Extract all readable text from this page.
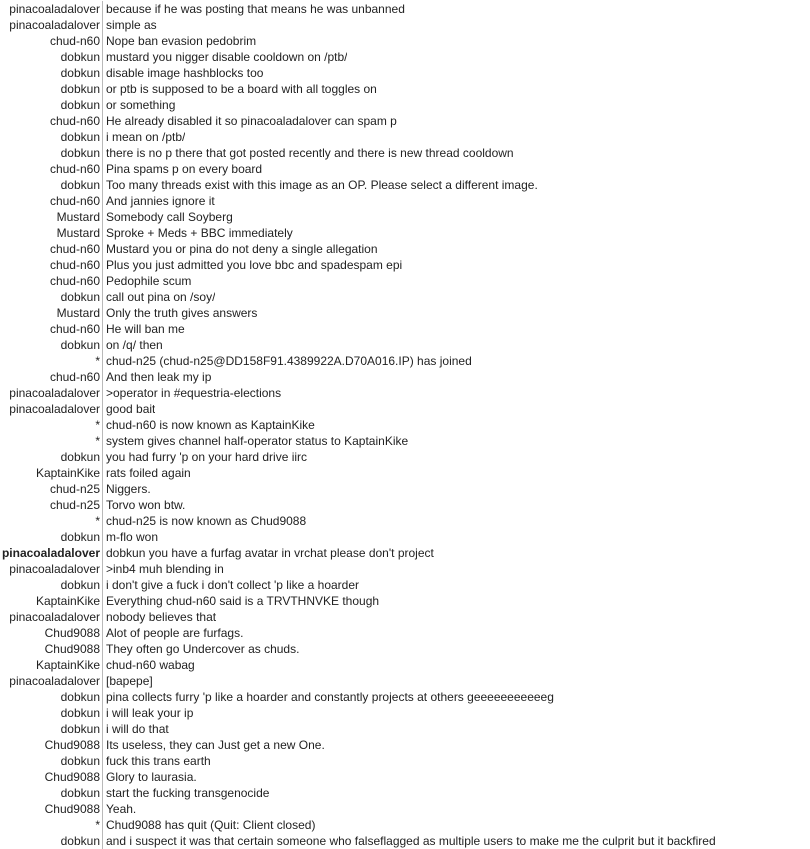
pinacoaladalover because if he was posting that means he was unbanned
pinacoaladalover simple as
chud-n60 Nope ban evasion pedobrim
dobkun mustard you nigger disable cooldown on /ptb/
dobkun disable image hashblocks too
dobkun or ptb is supposed to be a board with all toggles on
dobkun or something
chud-n60 He already disabled it so pinacoaladalover can spam p
dobkun i mean on /ptb/
dobkun there is no p there that got posted recently and there is new thread cooldown
chud-n60 Pina spams p on every board
dobkun Too many threads exist with this image as an OP. Please select a different image.
chud-n60 And jannies ignore it
Mustard Somebody call Soyberg
Mustard Sproke + Meds + BBC immediately
chud-n60 Mustard you or pina do not deny a single allegation
chud-n60 Plus you just admitted you love bbc and spadespam epi
chud-n60 Pedophile scum
dobkun call out pina on /soy/
Mustard Only the truth gives answers
chud-n60 He will ban me
dobkun on /q/ then
* chud-n25 (chud-n25@DD158F91.4389922A.D70A016.IP) has joined
chud-n60 And then leak my ip
pinacoaladalover >operator in #equestria-elections
pinacoaladalover good bait
* chud-n60 is now known as KaptainKike
* system gives channel half-operator status to KaptainKike
dobkun you had furry 'p on your hard drive iirc
KaptainKike rats foiled again
chud-n25 Niggers.
chud-n25 Torvo won btw.
* chud-n25 is now known as Chud9088
dobkun m-flo won
pinacoaladalover dobkun you have a furfag avatar in vrchat please don't project
pinacoaladalover >inb4 muh blending in
dobkun i don't give a fuck i don't collect 'p like a hoarder
KaptainKike Everything chud-n60 said is a TRVTHNVKE though
pinacoaladalover nobody believes that
Chud9088 Alot of people are furfags.
Chud9088 They often go Undercover as chuds.
KaptainKike chud-n60 wabag
pinacoaladalover [bapepe]
dobkun pina collects furry 'p like a hoarder and constantly projects at others geeeeeeeeeeeg
dobkun i will leak your ip
dobkun i will do that
Chud9088 Its useless, they can Just get a new One.
dobkun fuck this trans earth
Chud9088 Glory to laurasia.
dobkun start the fucking transgenocide
Chud9088 Yeah.
* Chud9088 has quit (Quit: Client closed)
dobkun and i suspect it was that certain someone who falseflagged as multiple users to make me the culprit but it backfired
